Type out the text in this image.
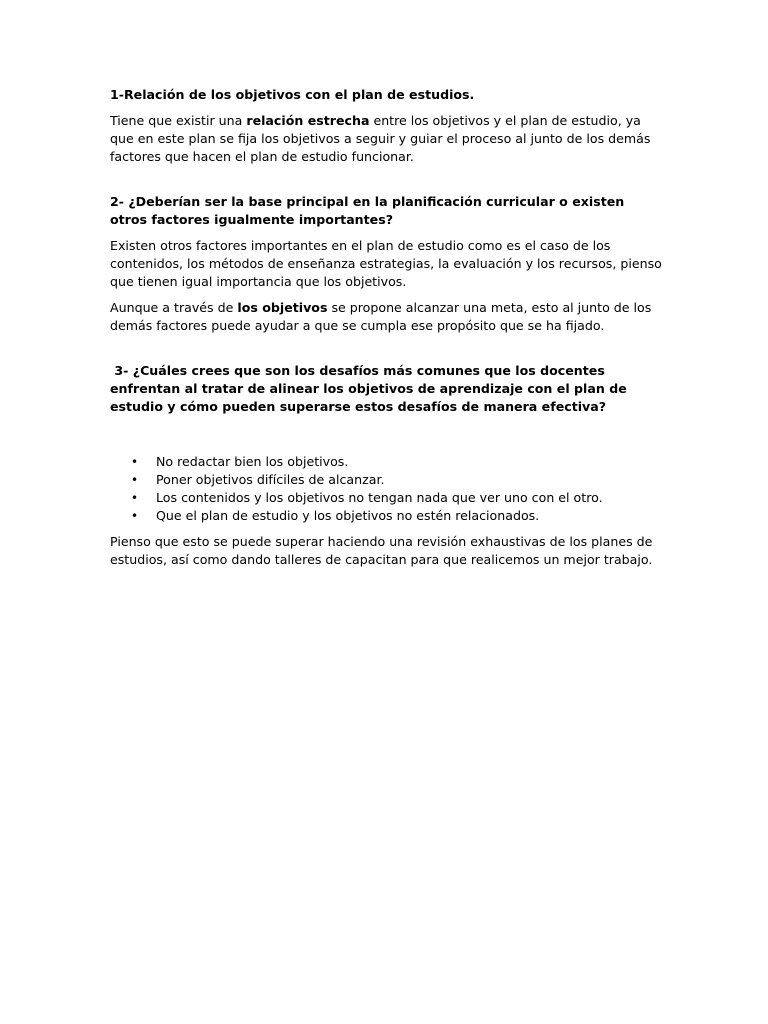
1-Relación de los objetivos con el plan de estudios.

Tiene que existir una relación estrecha entre los objetivos y el plan de estudio, ya que en este plan se fija los objetivos a seguir y guiar el proceso al junto de los demás factores que hacen el plan de estudio funcionar.

2- ¿Deberían ser la base principal en la planificación curricular o existen otros factores igualmente importantes?

Existen otros factores importantes en el plan de estudio como es el caso de los contenidos, los métodos de enseñanza estrategias, la evaluación y los recursos, pienso que tienen igual importancia que los objetivos.

Aunque a través de los objetivos se propone alcanzar una meta, esto al junto de los demás factores puede ayudar a que se cumpla ese propósito que se ha fijado.

3- ¿Cuáles crees que son los desafíos más comunes que los docentes enfrentan al tratar de alinear los objetivos de aprendizaje con el plan de estudio y cómo pueden superarse estos desafíos de manera efectiva?

• No redactar bien los objetivos.
• Poner objetivos difíciles de alcanzar.
• Los contenidos y los objetivos no tengan nada que ver uno con el otro.
• Que el plan de estudio y los objetivos no estén relacionados.

Pienso que esto se puede superar haciendo una revisión exhaustivas de los planes de estudios, así como dando talleres de capacitan para que realicemos un mejor trabajo.
